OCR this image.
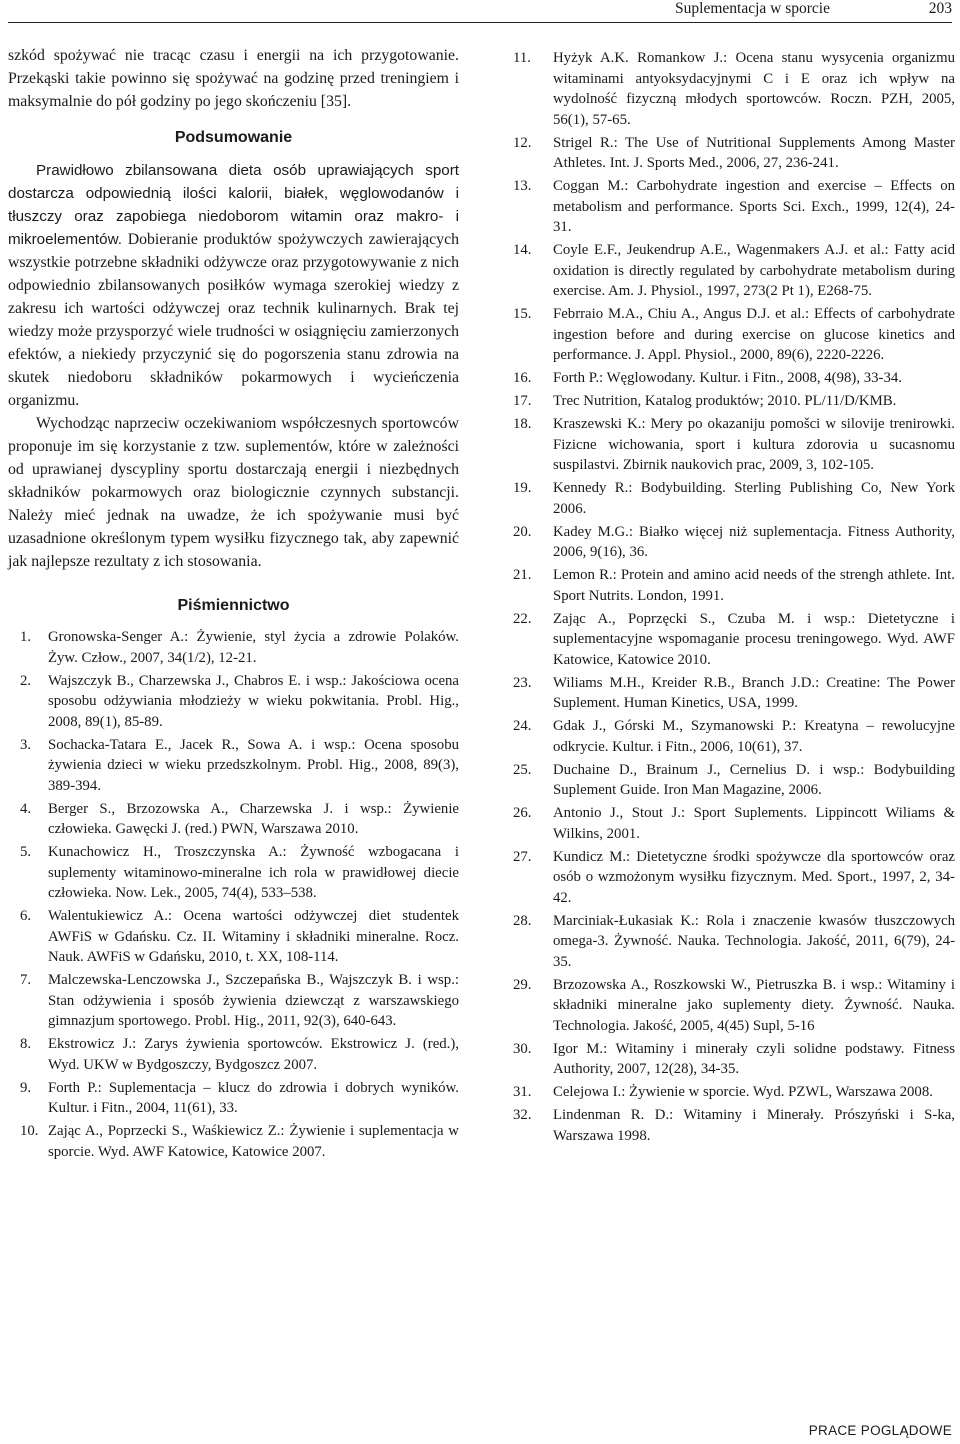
Suplementacja w sporcie	203

szkód spożywać nie tracąc czasu i energii na ich przygotowanie. Przekąski takie powinno się spożywać na godzinę przed treningiem i maksymalnie do pół godziny po jego skończeniu [35].

Podsumowanie

Prawidłowo zbilansowana dieta osób uprawiających sport dostarcza odpowiednią ilości kalorii, białek, węglowodanów i tłuszczy oraz zapobiega niedoborom witamin oraz makro- i mikroelementów. Dobieranie produktów spożywczych zawierających wszystkie potrzebne składniki odżywcze oraz przygotowywanie z nich odpowiednio zbilansowanych posiłków wymaga szerokiej wiedzy z zakresu ich wartości odżywczej oraz technik kulinarnych. Brak tej wiedzy może przysporzyć wiele trudności w osiągnięciu zamierzonych efektów, a niekiedy przyczynić się do pogorszenia stanu zdrowia na skutek niedoboru składników pokarmowych i wycieńczenia organizmu.

Wychodząc naprzeciw oczekiwaniom współczesnych sportowców proponuje im się korzystanie z tzw. suplementów, które w zależności od uprawianej dyscypliny sportu dostarczają energii i niezbędnych składników pokarmowych oraz biologicznie czynnych substancji. Należy mieć jednak na uwadze, że ich spożywanie musi być uzasadnione określonym typem wysiłku fizycznego tak, aby zapewnić jak najlepsze rezultaty z ich stosowania.

Piśmiennictwo
1.	Gronowska-Senger A.: Żywienie, styl życia a zdrowie Polaków. Żyw. Człow., 2007, 34(1/2), 12-21.
2.	Wajszczyk B., Charzewska J., Chabros E. i wsp.: Jakościowa ocena sposobu odżywiania młodzieży w wieku pokwitania. Probl. Hig., 2008, 89(1), 85-89.
3.	Sochacka-Tatara E., Jacek R., Sowa A. i wsp.: Ocena sposobu żywienia dzieci w wieku przedszkolnym. Probl. Hig., 2008, 89(3), 389-394.
4.	Berger S., Brzozowska A., Charzewska J. i wsp.: Żywienie człowieka. Gawęcki J. (red.) PWN, Warszawa 2010.
5.	Kunachowicz H., Troszczynska A.: Żywność wzbogacana i suplementy witaminowo-mineralne ich rola w prawidłowej diecie człowieka. Now. Lek., 2005, 74(4), 533–538.
6.	Walentukiewicz A.: Ocena wartości odżywczej diet studentek AWFiS w Gdańsku. Cz. II. Witaminy i składniki mineralne. Rocz. Nauk. AWFiS w Gdańsku, 2010, t. XX, 108-114.
7.	Malczewska-Lenczowska J., Szczepańska B., Wajszczyk B. i wsp.: Stan odżywienia i sposób żywienia dziewcząt z warszawskiego gimnazjum sportowego. Probl. Hig., 2011, 92(3), 640-643.
8.	Ekstrowicz J.: Zarys żywienia sportowców. Ekstrowicz J. (red.), Wyd. UKW w Bydgoszczy, Bydgoszcz 2007.
9.	Forth P.: Suplementacja – klucz do zdrowia i dobrych wyników. Kultur. i Fitn., 2004, 11(61), 33.
10. Zając A., Poprzecki S., Waśkiewicz Z.: Żywienie i suplementacja w sporcie. Wyd. AWF Katowice, Katowice 2007.
11.	Hyżyk A.K. Romankow J.: Ocena stanu wysycenia organizmu witaminami antyoksydacyjnymi C i E oraz ich wpływ na wydolność fizyczną młodych sportowców. Roczn. PZH, 2005, 56(1), 57-65.
12.	Strigel R.: The Use of Nutritional Supplements Among Master Athletes. Int. J. Sports Med., 2006, 27, 236-241.
13.	Coggan M.: Carbohydrate ingestion and exercise – Effects on metabolism and performance. Sports Sci. Exch., 1999, 12(4), 24-31.
14.	Coyle E.F., Jeukendrup A.E., Wagenmakers A.J. et al.: Fatty acid oxidation is directly regulated by carbohydrate metabolism during exercise. Am. J. Physiol., 1997, 273(2 Pt 1), E268-75.
15.	Febrraio M.A., Chiu A., Angus D.J. et al.: Effects of carbohydrate ingestion before and during exercise on glucose kinetics and performance. J. Appl. Physiol., 2000, 89(6), 2220-2226.
16.	Forth P.: Węglowodany. Kultur. i Fitn., 2008, 4(98), 33-34.
17.	Trec Nutrition, Katalog produktów; 2010. PL/11/D/KMB.
18.	Kraszewski K.: Mery po okazaniju pomošci w silovije trenirowki. Fizicne wichowania, sport i kultura zdorovia u sucasnomu suspilastvi. Zbirnik naukovich prac, 2009, 3, 102-105.
19.	Kennedy R.: Bodybuilding. Sterling Publishing Co, New York 2006.
20.	Kadey M.G.: Białko więcej niż suplementacja. Fitness Authority, 2006, 9(16), 36.
21.	Lemon R.: Protein and amino acid needs of the strengh athlete. Int. Sport Nutrits. London, 1991.
22.	Zając A., Poprzęcki S., Czuba M. i wsp.: Dietetyczne i suplementacyjne wspomaganie procesu treningowego. Wyd. AWF Katowice, Katowice 2010.
23.	Wiliams M.H., Kreider R.B., Branch J.D.: Creatine: The Power Suplement. Human Kinetics, USA, 1999.
24.	Gdak J., Górski M., Szymanowski P.: Kreatyna – rewolucyjne odkrycie. Kultur. i Fitn., 2006, 10(61), 37.
25.	Duchaine D., Brainum J., Cernelius D. i wsp.: Bodybuilding Suplement Guide. Iron Man Magazine, 2006.
26.	Antonio J., Stout J.: Sport Suplements. Lippincott Wiliams & Wilkins, 2001.
27.	Kundicz M.: Dietetyczne środki spożywcze dla sportowców oraz osób o wzmożonym wysiłku fizycznym. Med. Sport., 1997, 2, 34-42.
28.	Marciniak-Łukasiak K.: Rola i znaczenie kwasów tłuszczowych omega-3. Żywność. Nauka. Technologia. Jakość, 2011, 6(79), 24-35.
29.	Brzozowska A., Roszkowski W., Pietruszka B. i wsp.: Witaminy i składniki mineralne jako suplementy diety. Żywność. Nauka. Technologia. Jakość, 2005, 4(45) Supl, 5-16
30.	Igor M.: Witaminy i minerały czyli solidne podstawy. Fitness Authority, 2007, 12(28), 34-35.
31.	Celejowa I.: Żywienie w sporcie. Wyd. PZWL, Warszawa 2008.
32.	Lindenman R. D.: Witaminy i Minerały. Prószyński i S-ka, Warszawa 1998.
PRACE POGLĄDOWE
